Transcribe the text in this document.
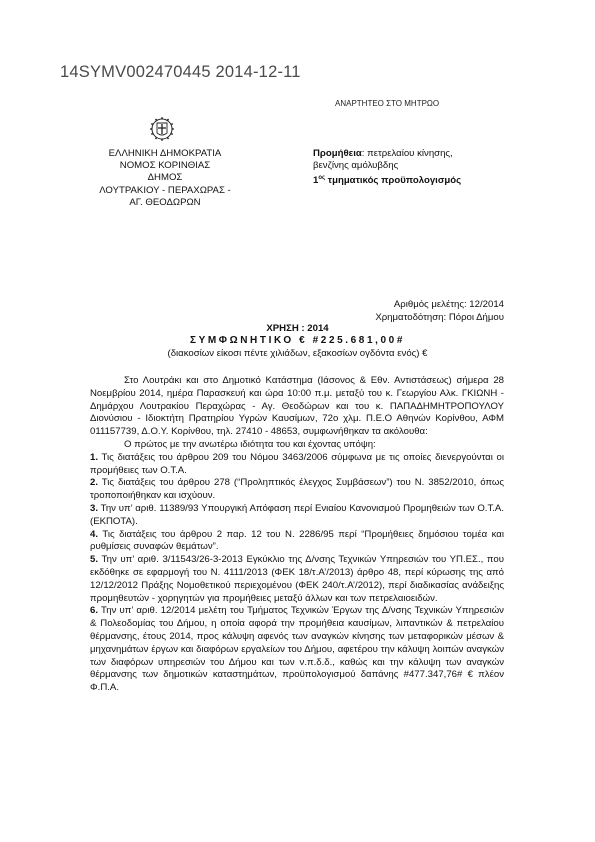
14SYMV002470445 2014-12-11
ΑΝΑΡΤΗΤΕΟ ΣΤΟ ΜΗΤΡΩΟ
ΕΛΛΗΝΙΚΗ ΔΗΜΟΚΡΑΤΙΑ
ΝΟΜΟΣ ΚΟΡΙΝΘΙΑΣ
ΔΗΜΟΣ
ΛΟΥΤΡΑΚΙΟΥ - ΠΕΡΑΧΩΡΑΣ -
ΑΓ. ΘΕΟΔΩΡΩΝ
Προμήθεια: πετρελαίου κίνησης,
βενζίνης αμόλυβδης
$1^{o\varsigma}$ τμηματικός προϋπολογισμός
Αριθμός μελέτης: 12/2014
Χρηματοδότηση: Πόροι Δήμου
ΧΡΗΣΗ : 2014
ΣΥΜΦΩΝΗΤΙΚΟ € #225.681,00#
(διακοσίων είκοσι πέντε χιλιάδων, εξακοσίων ογδόντα ενός) €

Στο Λουτράκι και στο Δημοτικό Κατάστημα (Ιάσονος & Εθν. Αντιστάσεως) σήμερα 28 Νοεμβρίου 2014, ημέρα Παρασκευή και ώρα 10:00 π.μ. μεταξύ του κ. Γεωργίου Αλκ. ΓΚΙΩΝΗ - Δημάρχου Λουτρακίου Περαχώρας - Αγ. Θεοδώρων και του κ. ΠΑΠΑΔΗΜΗΤΡΟΠΟΥΛΟΥ Διονύσιου - Ιδιοκτήτη Πρατηρίου Υγρών Καυσίμων, 72ο χλμ. Π.Ε.Ο Αθηνών Κορίνθου, ΑΦΜ 011157739, Δ.Ο.Υ. Κορίνθου, τηλ. 27410 - 48653, συμφωνήθηκαν τα ακόλουθα:

Ο πρώτος με την ανωτέρω ιδιότητα του και έχοντας υπόψη:

1. Τις διατάξεις του άρθρου 209 του Νόμου 3463/2006 σύμφωνα με τις οποίες διενεργούνται οι προμήθειες των Ο.Τ.Α.

2. Τις διατάξεις του άρθρου 278 (“Προληπτικός έλεγχος Συμβάσεων”) του Ν. 3852/2010, όπως τροποποιήθηκαν και ισχύουν.

3. Την υπ’ αριθ. 11389/93 Υπουργική Απόφαση περί Ενιαίου Κανονισμού Προμηθειών των Ο.Τ.Α. (ΕΚΠΟΤΑ).

4. Τις διατάξεις του άρθρου 2 παρ. 12 του Ν. 2286/95 περί “Προμήθειες δημόσιου τομέα και ρυθμίσεις συναφών θεμάτων”.

5. Την υπ’ αριθ. 3/11543/26-3-2013 Εγκύκλιο της Δ/νσης Τεχνικών Υπηρεσιών του ΥΠ.ΕΣ., που εκδόθηκε σε εφαρμογή του Ν. 4111/2013 (ΦΕΚ 18/τ.Α’/2013) άρθρο 48, περί κύρωσης της από 12/12/2012 Πράξης Νομοθετικού περιεχομένου (ΦΕΚ 240/τ.Α’/2012), περί διαδικασίας ανάδειξης προμηθευτών - χορηγητών για προμήθειες μεταξύ άλλων και των πετρελαιοειδών.

6. Την υπ’ αριθ. 12/2014 μελέτη του Τμήματος Τεχνικών Έργων της Δ/νσης Τεχνικών Υπηρεσιών & Πολεοδομίας του Δήμου, η οποία αφορά την προμήθεια καυσίμων, λιπαντικών & πετρελαίου θέρμανσης, έτους 2014, προς κάλυψη αφενός των αναγκών κίνησης των μεταφορικών μέσων & μηχανημάτων έργων και διαφόρων εργαλείων του Δήμου, αφετέρου την κάλυψη λοιπών αναγκών των διαφόρων υπηρεσιών του Δήμου και των ν.π.δ.δ., καθώς και την κάλυψη των αναγκών θέρμανσης των δημοτικών καταστημάτων, προϋπολογισμού δαπάνης #477.347,76# € πλέον Φ.Π.Α.
